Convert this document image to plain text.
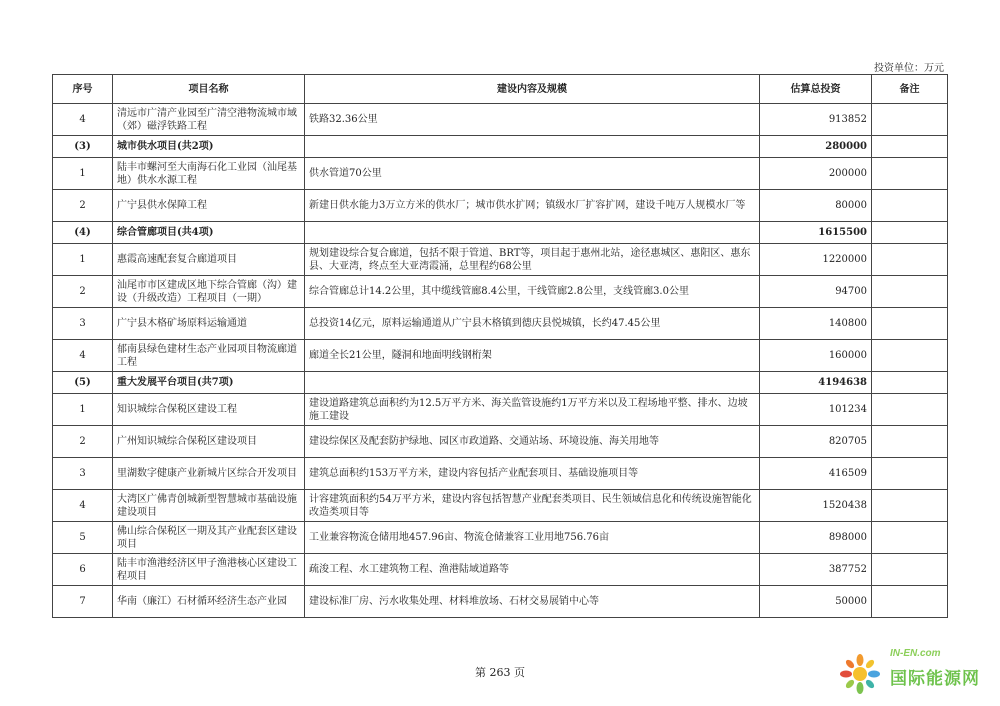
投资单位：万元
序号	项目名称	建设内容及规模	估算总投资	备注
4	清远市广清产业园至广清空港物流城市域（郊）磁浮铁路工程	铁路32.36公里	913852	
(3)	城市供水项目(共2项)		280000	
1	陆丰市螺河至大南海石化工业园（汕尾基地）供水水源工程	供水管道70公里	200000	
2	广宁县供水保障工程	新建日供水能力3万立方米的供水厂；城市供水扩网；镇级水厂扩容扩网，建设千吨万人规模水厂等	80000	
(4)	综合管廊项目(共4项)		1615500	
1	惠霞高速配套复合廊道项目	规划建设综合复合廊道，包括不限于管道、BRT等，项目起于惠州北站，途径惠城区、惠阳区、惠东县、大亚湾，终点至大亚湾霞涌，总里程约68公里	1220000	
2	汕尾市市区建成区地下综合管廊（沟）建设（升级改造）工程项目（一期）	综合管廊总计14.2公里，其中缆线管廊8.4公里，干线管廊2.8公里，支线管廊3.0公里	94700	
3	广宁县木格矿场原料运输通道	总投资14亿元，原料运输通道从广宁县木格镇到德庆县悦城镇，长约47.45公里	140800	
4	郁南县绿色建材生态产业园项目物流廊道工程	廊道全长21公里，隧洞和地面明线钢桁架	160000	
(5)	重大发展平台项目(共7项)		4194638	
1	知识城综合保税区建设工程	建设道路建筑总面积约为12.5万平方米、海关监管设施约1万平方米以及工程场地平整、排水、边坡施工建设	101234	
2	广州知识城综合保税区建设项目	建设综保区及配套防护绿地、园区市政道路、交通站场、环境设施、海关用地等	820705	
3	里湖数字健康产业新城片区综合开发项目	建筑总面积约153万平方米，建设内容包括产业配套项目、基础设施项目等	416509	
4	大湾区广佛青创城新型智慧城市基础设施建设项目	计容建筑面积约54万平方米，建设内容包括智慧产业配套类项目、民生领域信息化和传统设施智能化改造类项目等	1520438	
5	佛山综合保税区一期及其产业配套区建设项目	工业兼容物流仓储用地457.96亩、物流仓储兼容工业用地756.76亩	898000	
6	陆丰市渔港经济区甲子渔港核心区建设工程项目	疏浚工程、水工建筑物工程、渔港陆域道路等	387752	
7	华南（廉江）石材循环经济生态产业园	建设标准厂房、污水收集处理、材料堆放场、石材交易展销中心等	50000	
第 263 页
IN-EN.com
国际能源网
